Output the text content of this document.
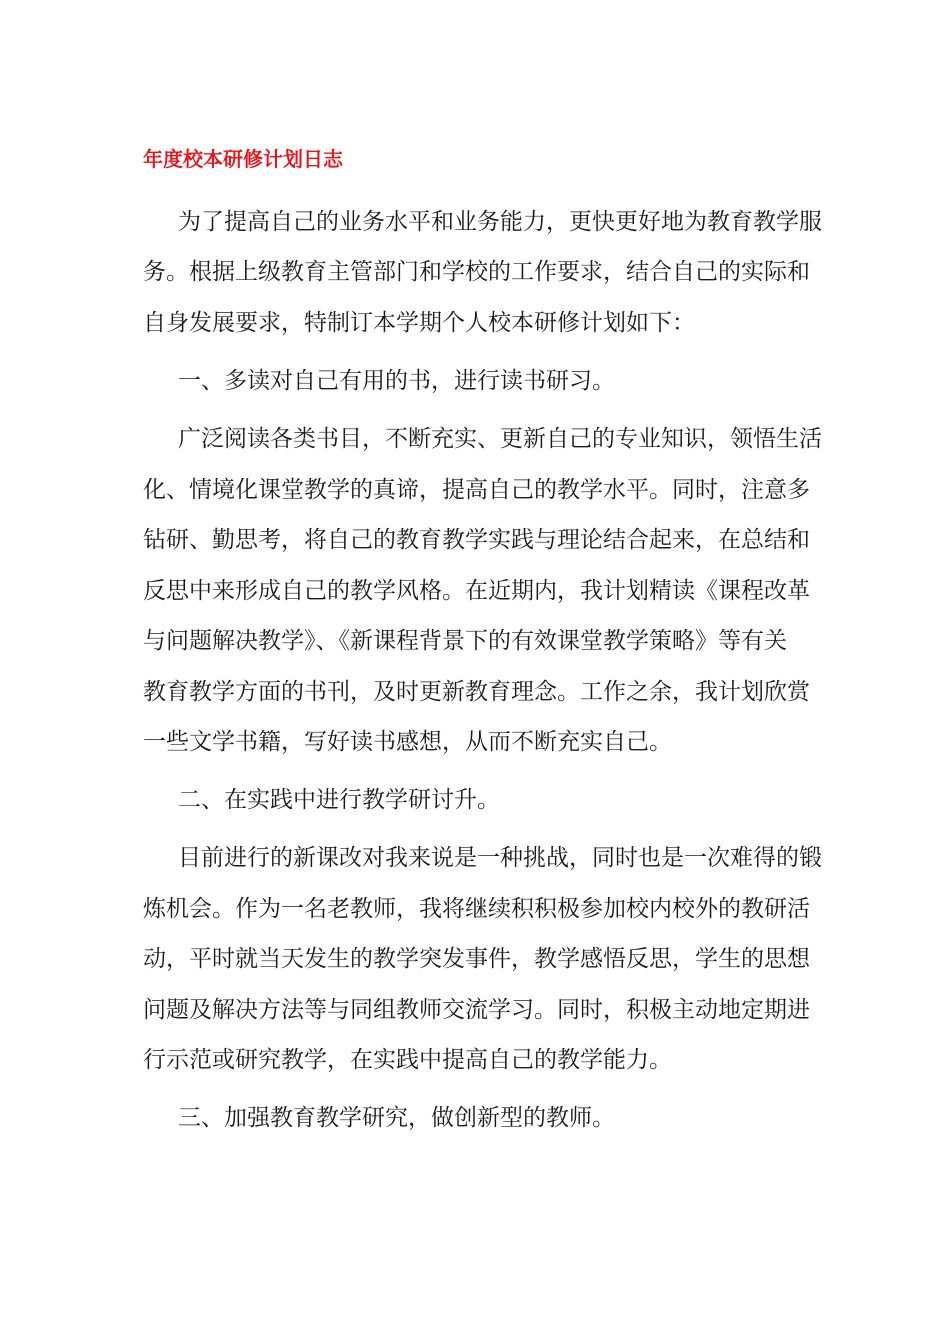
年度校本研修计划日志

为了提高自己的业务水平和业务能力，更快更好地为教育教学服

务。根据上级教育主管部门和学校的工作要求，结合自己的实际和

自身发展要求，特制订本学期个人校本研修计划如下：

一、多读对自己有用的书，进行读书研习。

广泛阅读各类书目，不断充实、更新自己的专业知识，领悟生活

化、情境化课堂教学的真谛，提高自己的教学水平。同时，注意多

钻研、勤思考，将自己的教育教学实践与理论结合起来，在总结和

反思中来形成自己的教学风格。在近期内，我计划精读《课程改革

与问题解决教学》、《新课程背景下的有效课堂教学策略》等有关

教育教学方面的书刊，及时更新教育理念。工作之余，我计划欣赏

一些文学书籍，写好读书感想，从而不断充实自己。

二、在实践中进行教学研讨升。

目前进行的新课改对我来说是一种挑战，同时也是一次难得的锻

炼机会。作为一名老教师，我将继续积积极参加校内校外的教研活

动，平时就当天发生的教学突发事件，教学感悟反思，学生的思想

问题及解决方法等与同组教师交流学习。同时，积极主动地定期进

行示范或研究教学，在实践中提高自己的教学能力。

三、加强教育教学研究，做创新型的教师。
